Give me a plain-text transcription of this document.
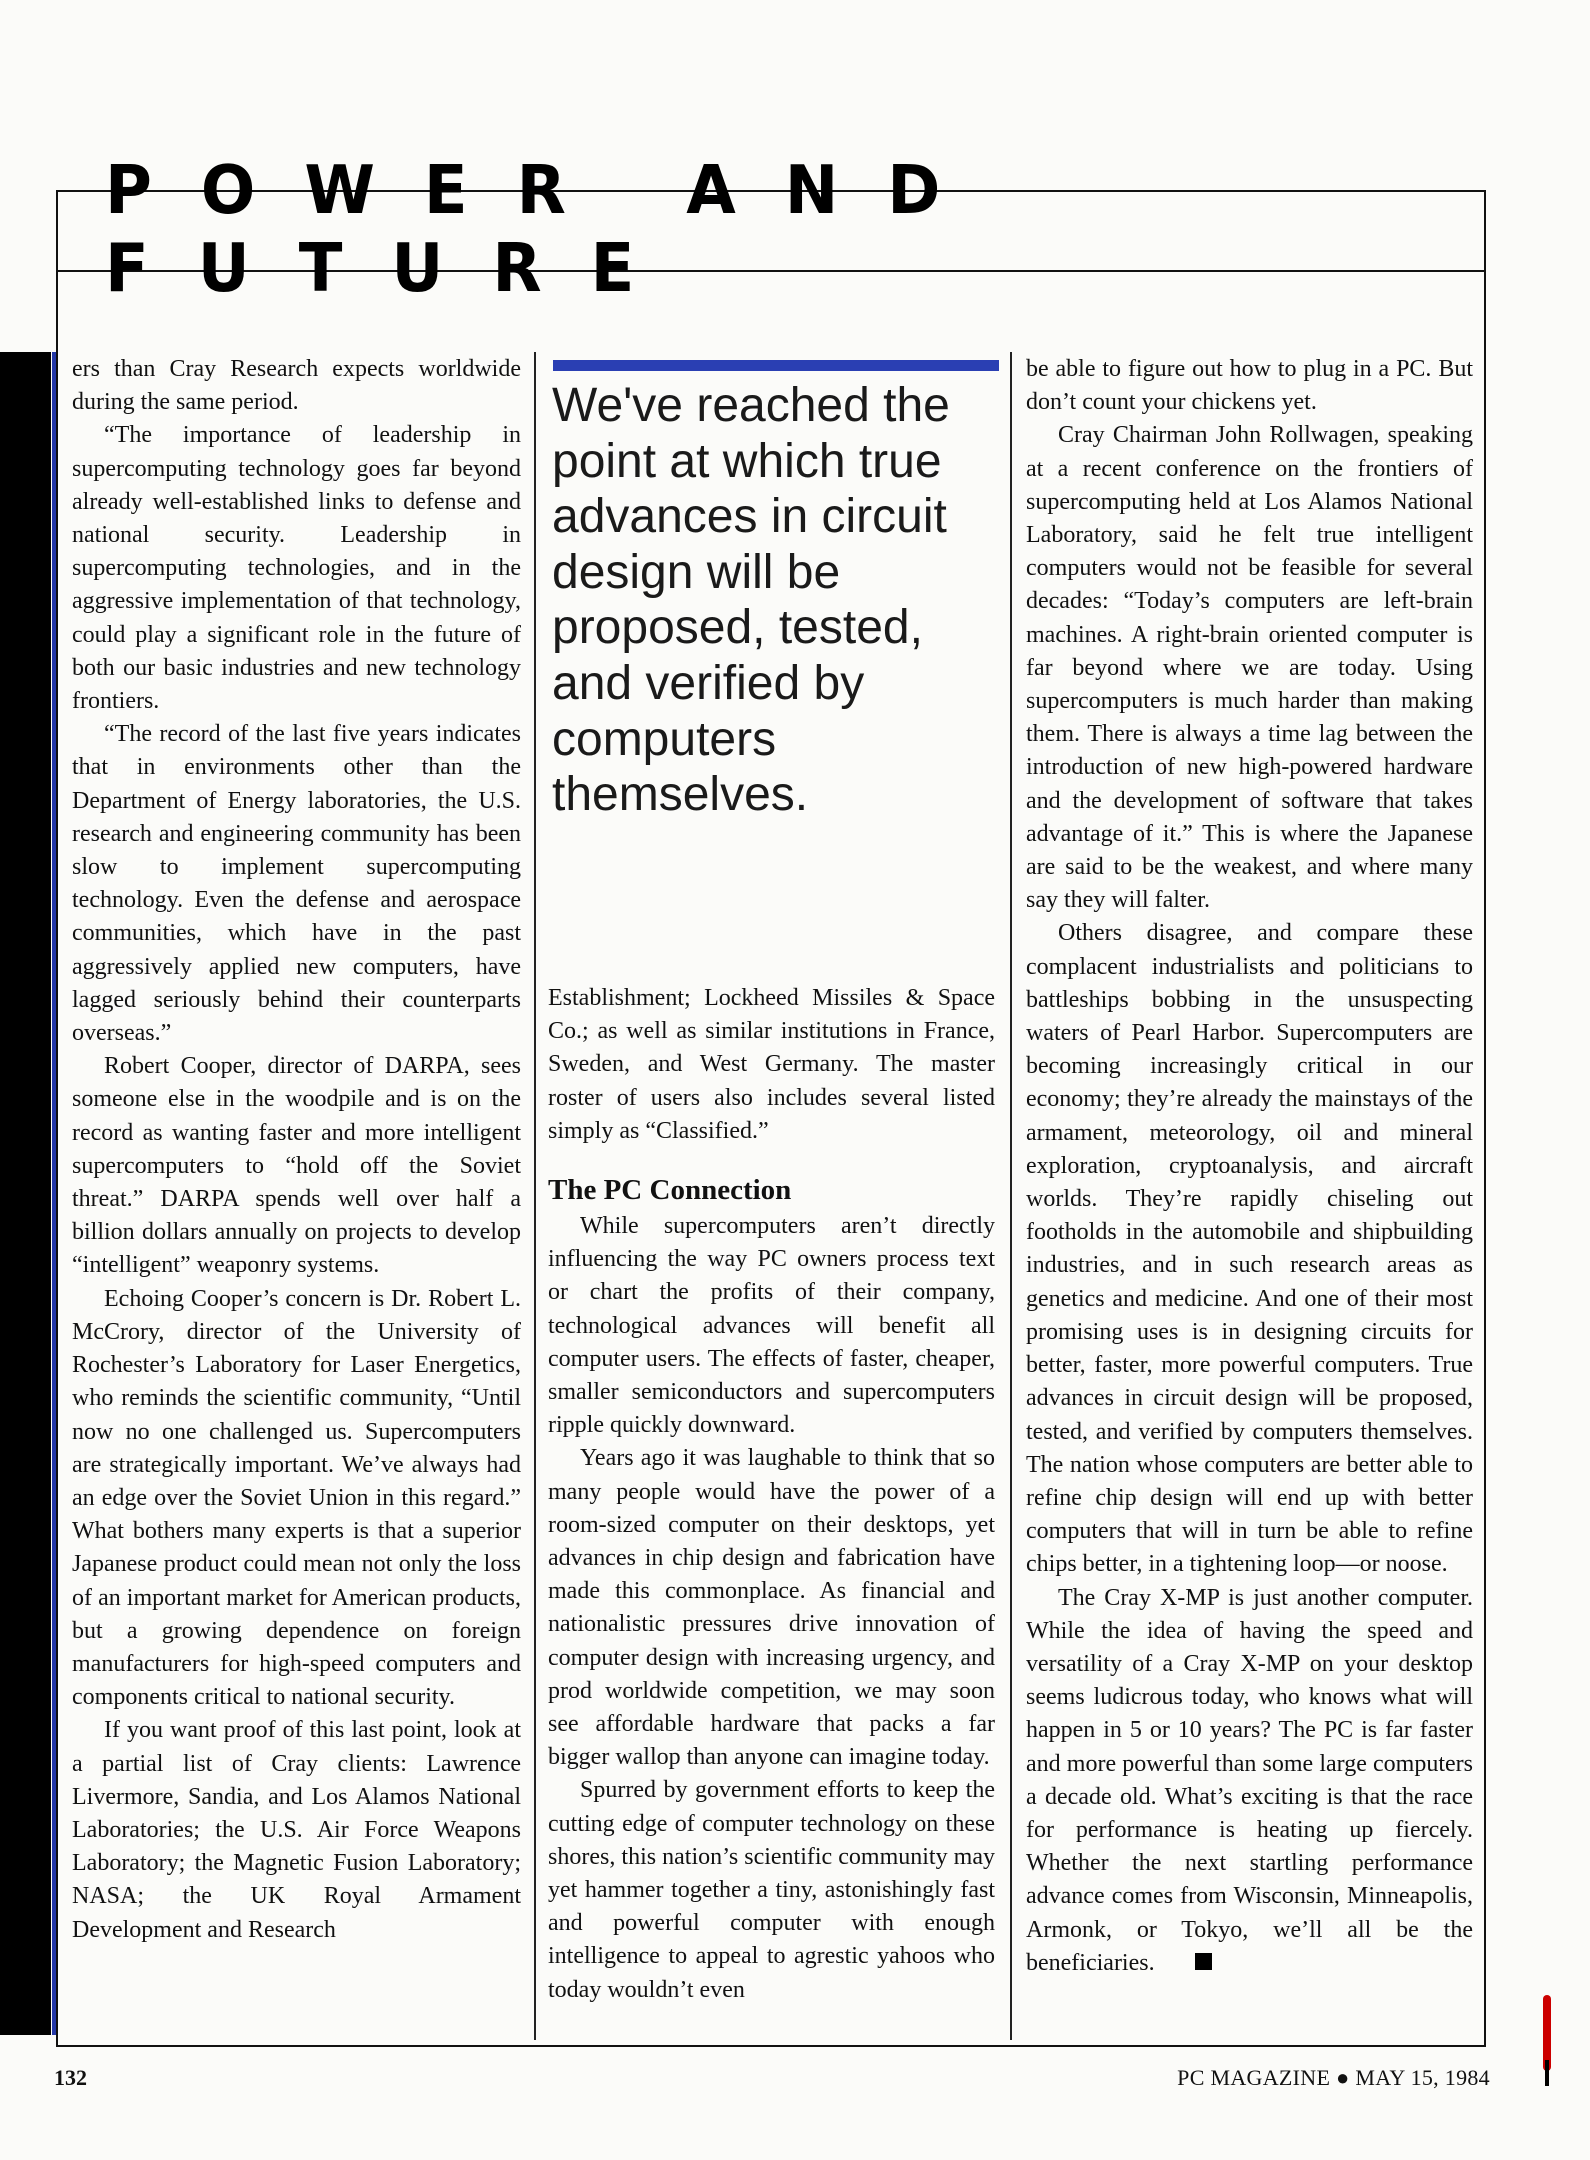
POWER AND FUTURE

ers than Cray Research expects worldwide during the same period.

“The importance of leadership in supercomputing technology goes far beyond already well-established links to defense and national security. Leadership in supercomputing technologies, and in the aggressive implementation of that technology, could play a significant role in the future of both our basic industries and new technology frontiers.

“The record of the last five years indicates that in environments other than the Department of Energy laboratories, the U.S. research and engineering community has been slow to implement supercomputing technology. Even the defense and aerospace communities, which have in the past aggressively applied new computers, have lagged seriously behind their counterparts overseas.”

Robert Cooper, director of DARPA, sees someone else in the woodpile and is on the record as wanting faster and more intelligent supercomputers to “hold off the Soviet threat.” DARPA spends well over half a billion dollars annually on projects to develop “intelligent” weaponry systems.

Echoing Cooper’s concern is Dr. Robert L. McCrory, director of the University of Rochester’s Laboratory for Laser Energetics, who reminds the scientific community, “Until now no one challenged us. Supercomputers are strategically important. We’ve always had an edge over the Soviet Union in this regard.” What bothers many experts is that a superior Japanese product could mean not only the loss of an important market for American products, but a growing dependence on foreign manufacturers for high-speed computers and components critical to national security.

If you want proof of this last point, look at a partial list of Cray clients: Lawrence Livermore, Sandia, and Los Alamos National Laboratories; the U.S. Air Force Weapons Laboratory; the Magnetic Fusion Laboratory; NASA; the UK Royal Armament Development and Research

We've reached the point at which true advances in circuit design will be proposed, tested, and verified by computers themselves.

Establishment; Lockheed Missiles & Space Co.; as well as similar institutions in France, Sweden, and West Germany. The master roster of users also includes several listed simply as “Classified.”

The PC Connection

While supercomputers aren’t directly influencing the way PC owners process text or chart the profits of their company, technological advances will benefit all computer users. The effects of faster, cheaper, smaller semiconductors and supercomputers ripple quickly downward.

Years ago it was laughable to think that so many people would have the power of a room-sized computer on their desktops, yet advances in chip design and fabrication have made this commonplace. As financial and nationalistic pressures drive innovation of computer design with increasing urgency, and prod worldwide competition, we may soon see affordable hardware that packs a far bigger wallop than anyone can imagine today.

Spurred by government efforts to keep the cutting edge of computer technology on these shores, this nation’s scientific community may yet hammer together a tiny, astonishingly fast and powerful computer with enough intelligence to appeal to agrestic yahoos who today wouldn’t even

be able to figure out how to plug in a PC. But don’t count your chickens yet.

Cray Chairman John Rollwagen, speaking at a recent conference on the frontiers of supercomputing held at Los Alamos National Laboratory, said he felt true intelligent computers would not be feasible for several decades: “Today’s computers are left-brain machines. A right-brain oriented computer is far beyond where we are today. Using supercomputers is much harder than making them. There is always a time lag between the introduction of new high-powered hardware and the development of software that takes advantage of it.” This is where the Japanese are said to be the weakest, and where many say they will falter.

Others disagree, and compare these complacent industrialists and politicians to battleships bobbing in the unsuspecting waters of Pearl Harbor. Supercomputers are becoming increasingly critical in our economy; they’re already the mainstays of the armament, meteorology, oil and mineral exploration, cryptoanalysis, and aircraft worlds. They’re rapidly chiseling out footholds in the automobile and shipbuilding industries, and in such research areas as genetics and medicine. And one of their most promising uses is in designing circuits for better, faster, more powerful computers. True advances in circuit design will be proposed, tested, and verified by computers themselves. The nation whose computers are better able to refine chip design will end up with better computers that will in turn be able to refine chips better, in a tightening loop—or noose.

The Cray X-MP is just another computer. While the idea of having the speed and versatility of a Cray X-MP on your desktop seems ludicrous today, who knows what will happen in 5 or 10 years? The PC is far faster and more powerful than some large computers a decade old. What’s exciting is that the race for performance is heating up fiercely. Whether the next startling performance advance comes from Wisconsin, Minneapolis, Armonk, or Tokyo, we’ll all be the beneficiaries.

132	PC MAGAZINE ● MAY 15, 1984
